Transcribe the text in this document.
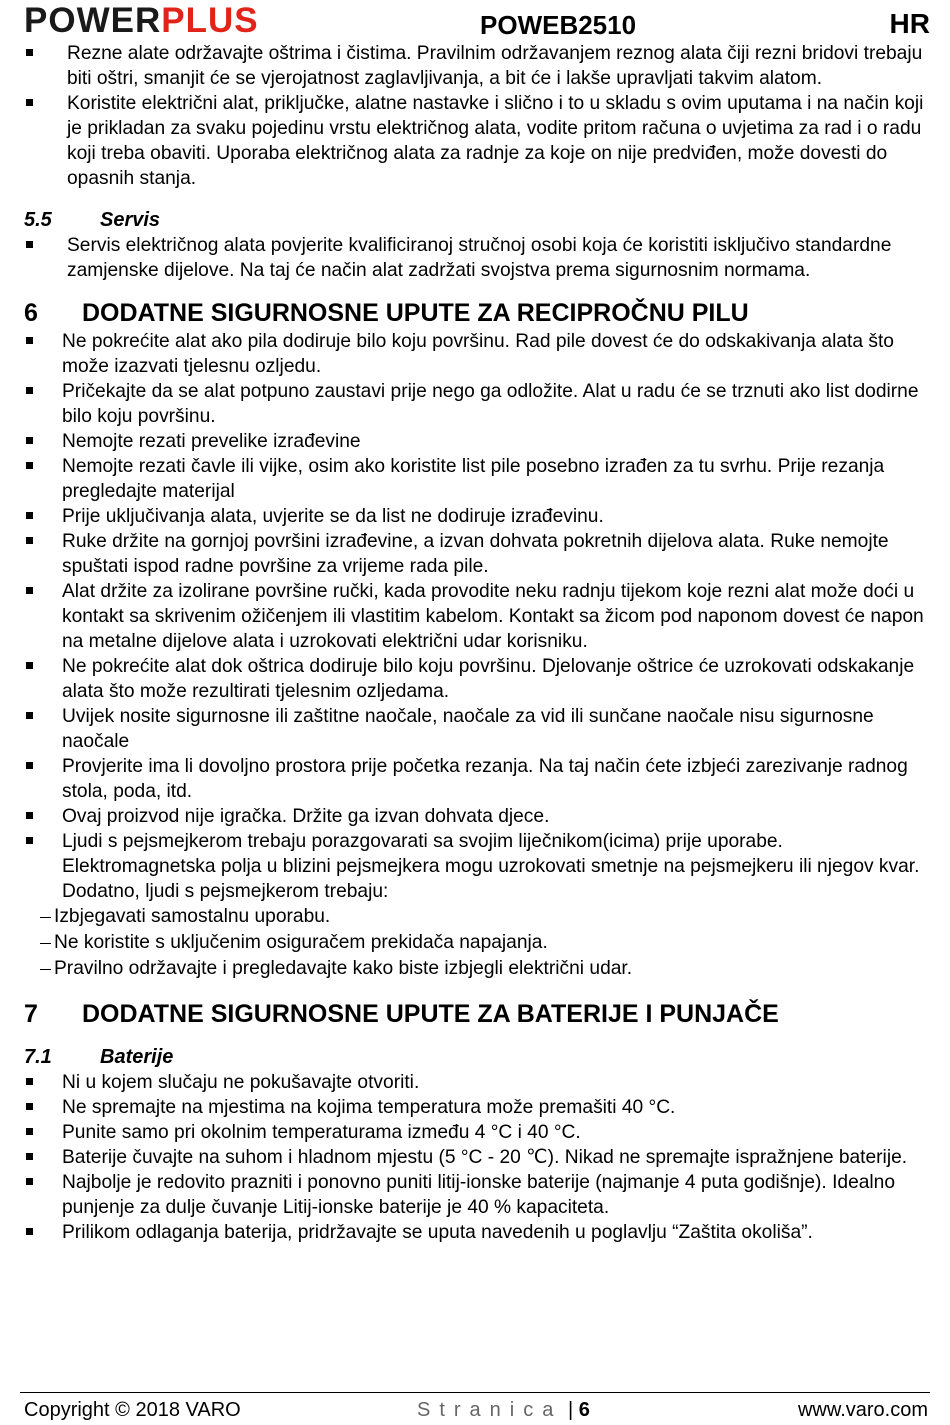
POWERPLUS	POWEB2510	HR
Rezne alate održavajte oštrima i čistima. Pravilnim održavanjem reznog alata čiji rezni bridovi trebaju biti oštri, smanjit će se vjerojatnost zaglavljivanja, a bit će i lakše upravljati takvim alatom.
Koristite električni alat, priključke, alatne nastavke i slično i to u skladu s ovim uputama i na način koji je prikladan za svaku pojedinu vrstu električnog alata, vodite pritom računa o uvjetima za rad i o radu koji treba obaviti. Uporaba električnog alata za radnje za koje on nije predviđen, može dovesti do opasnih stanja.
5.5 Servis
Servis električnog alata povjerite kvalificiranoj stručnoj osobi koja će koristiti isključivo standardne zamjenske dijelove. Na taj će način alat zadržati svojstva prema sigurnosnim normama.
6 DODATNE SIGURNOSNE UPUTE ZA RECIPROČNU PILU
Ne pokrećite alat ako pila dodiruje bilo koju površinu. Rad pile dovest će do odskakivanja alata što može izazvati tjelesnu ozljedu.
Pričekajte da se alat potpuno zaustavi prije nego ga odložite. Alat u radu će se trznuti ako list dodirne bilo koju površinu.
Nemojte rezati prevelike izrađevine
Nemojte rezati čavle ili vijke, osim ako koristite list pile posebno izrađen za tu svrhu. Prije rezanja pregledajte materijal
Prije uključivanja alata, uvjerite se da list ne dodiruje izrađevinu.
Ruke držite na gornjoj površini izrađevine, a izvan dohvata pokretnih dijelova alata. Ruke nemojte spuštati ispod radne površine za vrijeme rada pile.
Alat držite za izolirane površine ručki, kada provodite neku radnju tijekom koje rezni alat može doći u kontakt sa skrivenim ožičenjem ili vlastitim kabelom. Kontakt sa žicom pod naponom dovest će napon na metalne dijelove alata i uzrokovati električni udar korisniku.
Ne pokrećite alat dok oštrica dodiruje bilo koju površinu. Djelovanje oštrice će uzrokovati odskakanje alata što može rezultirati tjelesnim ozljedama.
Uvijek nosite sigurnosne ili zaštitne naočale, naočale za vid ili sunčane naočale nisu sigurnosne naočale
Provjerite ima li dovoljno prostora prije početka rezanja. Na taj način ćete izbjeći zarezivanje radnog stola, poda, itd.
Ovaj proizvod nije igračka. Držite ga izvan dohvata djece.
Ljudi s pejsmejkerom trebaju porazgovarati sa svojim liječnikom(icima) prije uporabe. Elektromagnetska polja u blizini pejsmejkera mogu uzrokovati smetnje na pejsmejkeru ili njegov kvar. Dodatno, ljudi s pejsmejkerom trebaju:
Izbjegavati samostalnu uporabu.
Ne koristite s uključenim osiguračem prekidača napajanja.
Pravilno održavajte i pregledavajte kako biste izbjegli električni udar.
7 DODATNE SIGURNOSNE UPUTE ZA BATERIJE I PUNJAČE
7.1 Baterije
Ni u kojem slučaju ne pokušavajte otvoriti.
Ne spremajte na mjestima na kojima temperatura može premašiti 40 °C.
Punite samo pri okolnim temperaturama između 4 °C i 40 °C.
Baterije čuvajte na suhom i hladnom mjestu (5 °C - 20 ℃). Nikad ne spremajte ispražnjene baterije.
Najbolje je redovito prazniti i ponovno puniti litij-ionske baterije (najmanje 4 puta godišnje). Idealno punjenje za dulje čuvanje Litij-ionske baterije je 40 % kapaciteta.
Prilikom odlaganja baterija, pridržavajte se uputa navedenih u poglavlju “Zaštita okoliša”.
Copyright © 2018 VARO	Stranica | 6	www.varo.com
